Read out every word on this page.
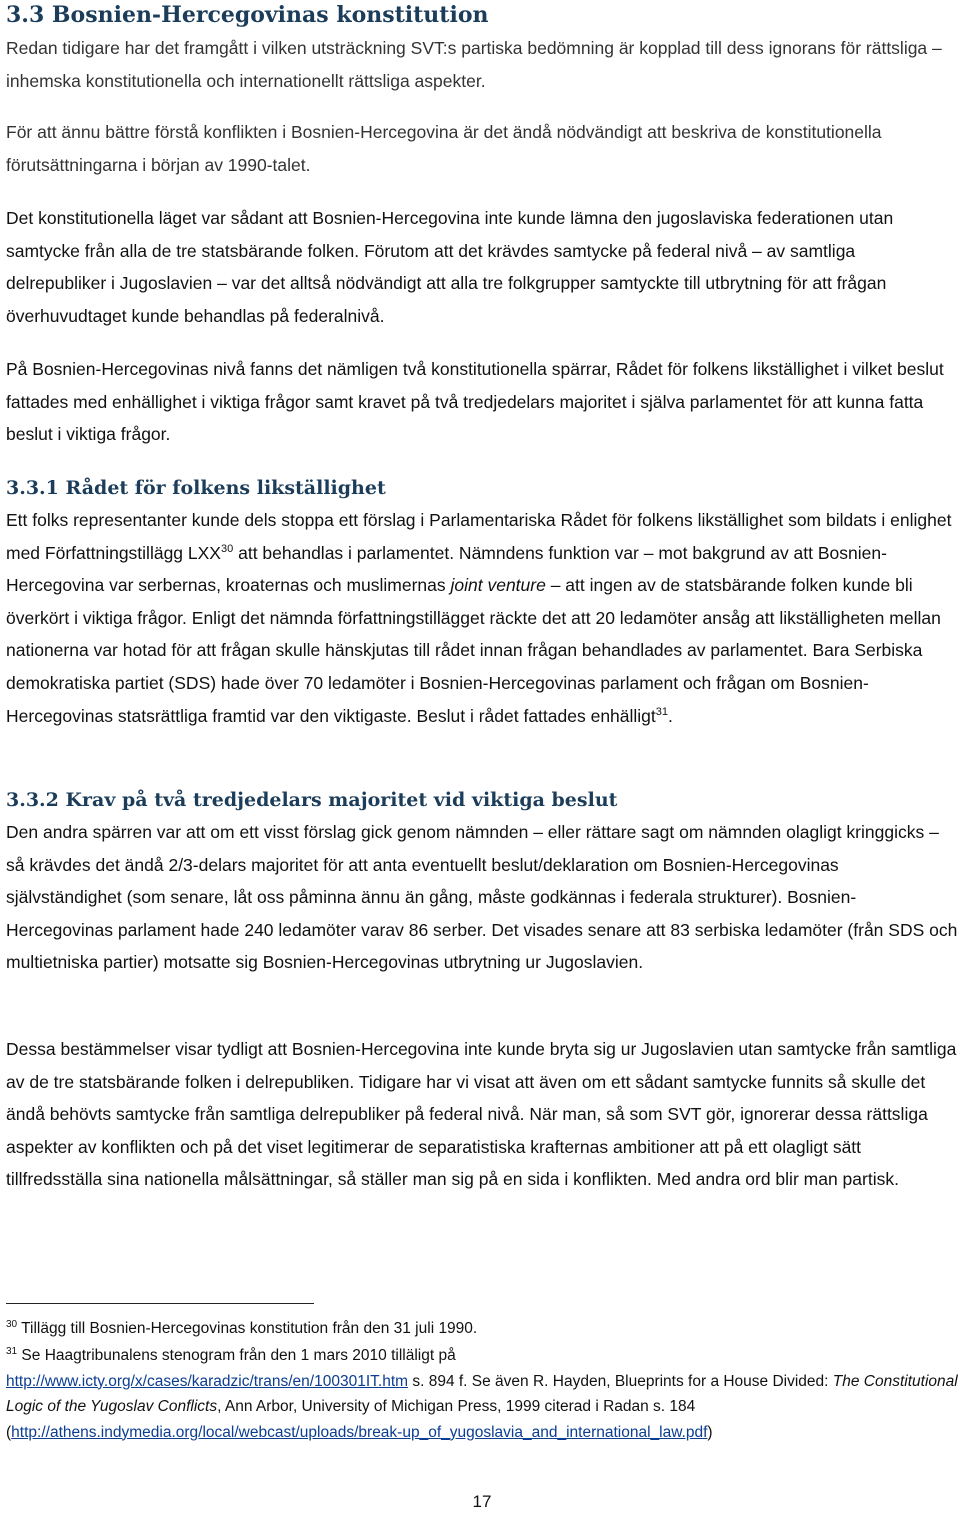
3.3 Bosnien-Hercegovinas konstitution

Redan tidigare har det framgått i vilken utsträckning SVT:s partiska bedömning är kopplad till dess ignorans för rättsliga – inhemska konstitutionella och internationellt rättsliga aspekter.

För att ännu bättre förstå konflikten i Bosnien-Hercegovina är det ändå nödvändigt att beskriva de konstitutionella förutsättningarna i början av 1990-talet.

Det konstitutionella läget var sådant att Bosnien-Hercegovina inte kunde lämna den jugoslaviska federationen utan samtycke från alla de tre statsbärande folken. Förutom att det krävdes samtycke på federal nivå – av samtliga delrepubliker i Jugoslavien – var det alltså nödvändigt att alla tre folkgrupper samtyckte till utbrytning för att frågan överhuvudtaget kunde behandlas på federalnivå.

På Bosnien-Hercegovinas nivå fanns det nämligen två konstitutionella spärrar, Rådet för folkens likställighet i vilket beslut fattades med enhällighet i viktiga frågor samt kravet på två tredjedelars majoritet i själva parlamentet för att kunna fatta beslut i viktiga frågor.

3.3.1 Rådet för folkens likställighet

Ett folks representanter kunde dels stoppa ett förslag i Parlamentariska Rådet för folkens likställighet som bildats i enlighet med Författningstillägg LXX$^{30}$ att behandlas i parlamentet. Nämndens funktion var – mot bakgrund av att Bosnien-Hercegovina var serbernas, kroaternas och muslimernas joint venture – att ingen av de statsbärande folken kunde bli överkört i viktiga frågor. Enligt det nämnda författningstillägget räckte det att 20 ledamöter ansåg att likställigheten mellan nationerna var hotad för att frågan skulle hänskjutas till rådet innan frågan behandlades av parlamentet. Bara Serbiska demokratiska partiet (SDS) hade över 70 ledamöter i Bosnien-Hercegovinas parlament och frågan om Bosnien-Hercegovinas statsrättliga framtid var den viktigaste. Beslut i rådet fattades enhälligt$^{31}$.

3.3.2 Krav på två tredjedelars majoritet vid viktiga beslut

Den andra spärren var att om ett visst förslag gick genom nämnden – eller rättare sagt om nämnden olagligt kringgicks – så krävdes det ändå 2/3-delars majoritet för att anta eventuellt beslut/deklaration om Bosnien-Hercegovinas självständighet (som senare, låt oss påminna ännu än gång, måste godkännas i federala strukturer). Bosnien-Hercegovinas parlament hade 240 ledamöter varav 86 serber. Det visades senare att 83 serbiska ledamöter (från SDS och multietniska partier) motsatte sig Bosnien-Hercegovinas utbrytning ur Jugoslavien.

Dessa bestämmelser visar tydligt att Bosnien-Hercegovina inte kunde bryta sig ur Jugoslavien utan samtycke från samtliga av de tre statsbärande folken i delrepubliken. Tidigare har vi visat att även om ett sådant samtycke funnits så skulle det ändå behövts samtycke från samtliga delrepubliker på federal nivå. När man, så som SVT gör, ignorerar dessa rättsliga aspekter av konflikten och på det viset legitimerar de separatistiska krafternas ambitioner att på ett olagligt sätt tillfredsställa sina nationella målsättningar, så ställer man sig på en sida i konflikten. Med andra ord blir man partisk.

$^{30}$ Tillägg till Bosnien-Hercegovinas konstitution från den 31 juli 1990.

$^{31}$ Se Haagtribunalens stenogram från den 1 mars 2010 tilläligt på
http://www.icty.org/x/cases/karadzic/trans/en/100301IT.htm s. 894 f. Se även R. Hayden, Blueprints for a House Divided: The Constitutional Logic of the Yugoslav Conflicts, Ann Arbor, University of Michigan Press, 1999 citerad i Radan s. 184 (http://athens.indymedia.org/local/webcast/uploads/break-up_of_yugoslavia_and_international_law.pdf)

17
